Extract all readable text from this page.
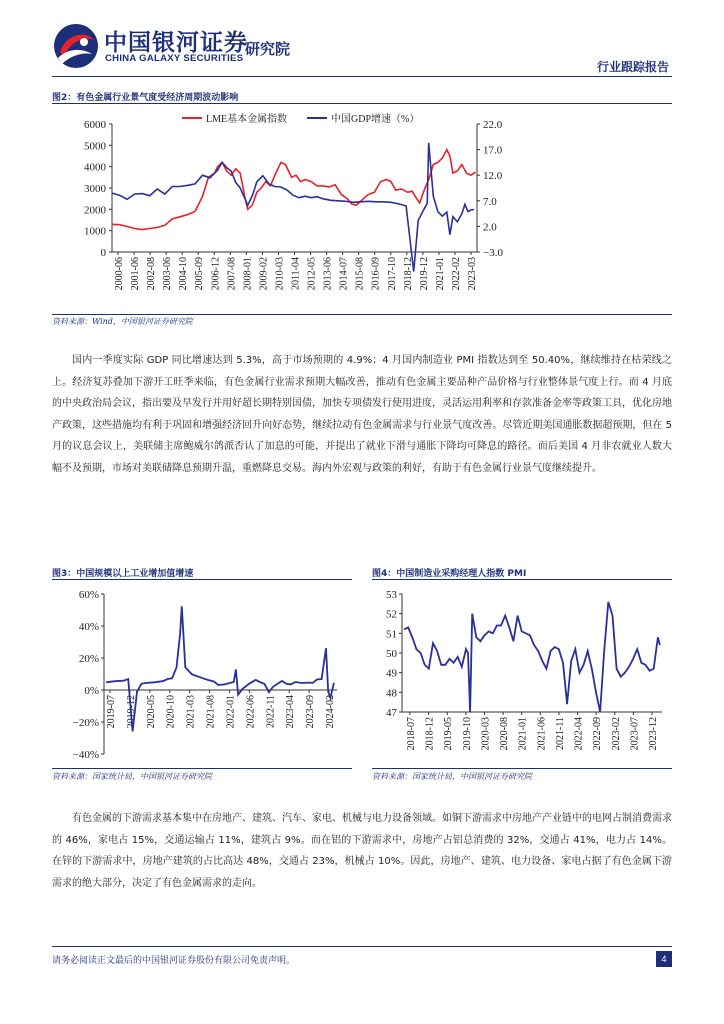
中国银河证券
CHINA GALAXY SECURITIES
研究院
行业跟踪报告
图2：有色金属行业景气度受经济周期波动影响
6000
5000
4000
3000
2000
1000
0
22.0
17.0
12.0
7.0
2.0
−3.0
2000-06 2001-06 2002-08 2003-06 2004-10 2005-09 2006-12 2007-08 2008-01 2009-02 2010-03 2011-04 2012-05 2013-06 2014-07 2015-08 2016-09 2017-10 2018-12 2019-12 2021-01 2022-02 2023-03
LME基本金属指数	中国GDP增速（%）
资料来源：Wind，中国银河证券研究院
国内一季度实际 GDP 同比增速达到 5.3%，高于市场预期的 4.9%；4 月国内制造业 PMI 指数达到至 50.40%，继续维持在枯荣线之上。经济复苏叠加下游开工旺季来临，有色金属行业需求预期大幅改善，推动有色金属主要品种产品价格与行业整体景气度上行。而 4 月底的中央政治局会议，指出要及早发行并用好超长期特别国债，加快专项债发行使用进度，灵活运用利率和存款准备金率等政策工具，优化房地产政策，这些措施均有利于巩固和增强经济回升向好态势，继续拉动有色金属需求与行业景气度改善。尽管近期美国通胀数据超预期，但在 5 月的议息会议上，美联储主席鲍威尔鸽派否认了加息的可能，并提出了就业下滑与通胀下降均可降息的路径。而后美国 4 月非农就业人数大幅不及预期，市场对美联储降息预期升温，重燃降息交易。海内外宏观与政策的利好，有助于有色金属行业景气度继续提升。
图3：中国规模以上工业增加值增速
60%
40%
20%
0%
−20%
−40%
2019-07 2019-12 2020-05 2020-10 2021-03 2021-08 2022-01 2022-06 2022-11 2023-04 2023-09 2024-02
资料来源：国家统计局，中国银河证券研究院
图4：中国制造业采购经理人指数 PMI
53
52
51
50
49
48
47
2018-07 2018-12 2019-05 2019-10 2020-03 2020-08 2021-01 2021-06 2021-11 2022-04 2022-09 2023-02 2023-07 2023-12
资料来源：国家统计局，中国银河证券研究院
有色金属的下游需求基本集中在房地产、建筑、汽车、家电、机械与电力设备领域。如铜下游需求中房地产产业链中的电网占制消费需求的 46%，家电占 15%，交通运输占 11%，建筑占 9%。而在铝的下游需求中，房地产占铝总消费的 32%，交通占 41%，电力占 14%。在锌的下游需求中，房地产建筑的占比高达 48%，交通占 23%，机械占 10%。因此，房地产、建筑、电力设备、家电占据了有色金属下游需求的绝大部分，决定了有色金属需求的走向。
请务必阅读正文最后的中国银河证券股份有限公司免责声明。	4
